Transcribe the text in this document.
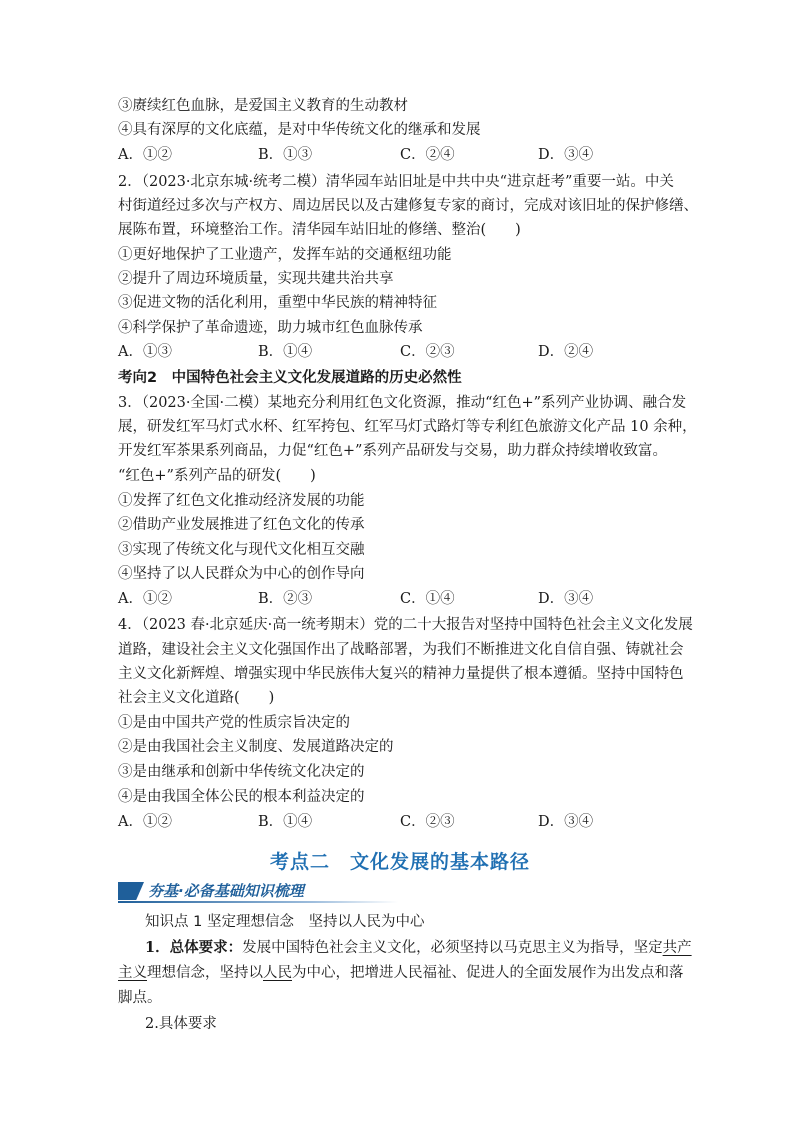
③赓续红色血脉，是爱国主义教育的生动教材
④具有深厚的文化底蕴，是对中华传统文化的继承和发展
A．①②	B．①③	C．②④	D．③④
2．（2023·北京东城·统考二模）清华园车站旧址是中共中央“进京赶考”重要一站。中关
村街道经过多次与产权方、周边居民以及古建修复专家的商讨，完成对该旧址的保护修缮、
展陈布置，环境整治工作。清华园车站旧址的修缮、整治(　　)
①更好地保护了工业遗产，发挥车站的交通枢纽功能
②提升了周边环境质量，实现共建共治共享
③促进文物的活化利用，重塑中华民族的精神特征
④科学保护了革命遗迹，助力城市红色血脉传承
A．①③	B．①④	C．②③	D．②④
考向2　中国特色社会主义文化发展道路的历史必然性
3．（2023·全国·二模）某地充分利用红色文化资源，推动“红色+”系列产业协调、融合发
展，研发红军马灯式水杯、红军挎包、红军马灯式路灯等专利红色旅游文化产品 10 余种，
开发红军茶果系列商品，力促“红色+”系列产品研发与交易，助力群众持续增收致富。
“红色+”系列产品的研发(　　)
①发挥了红色文化推动经济发展的功能
②借助产业发展推进了红色文化的传承
③实现了传统文化与现代文化相互交融
④坚持了以人民群众为中心的创作导向
A．①②	B．②③	C．①④	D．③④
4．（2023 春·北京延庆·高一统考期末）党的二十大报告对坚持中国特色社会主义文化发展
道路，建设社会主义文化强国作出了战略部署，为我们不断推进文化自信自强、铸就社会
主义文化新辉煌、增强实现中华民族伟大复兴的精神力量提供了根本遵循。坚持中国特色
社会主义文化道路(　　)
①是由中国共产党的性质宗旨决定的
②是由我国社会主义制度、发展道路决定的
③是由继承和创新中华传统文化决定的
④是由我国全体公民的根本利益决定的
A．①②	B．①④	C．②③	D．③④
考点二　文化发展的基本路径
夯基·必备基础知识梳理
知识点 1 坚定理想信念　坚持以人民为中心
1．总体要求：发展中国特色社会主义文化，必须坚持以马克思主义为指导，坚定共产
主义理想信念，坚持以人民为中心，把增进人民福祉、促进人的全面发展作为出发点和落
脚点。
2.具体要求
